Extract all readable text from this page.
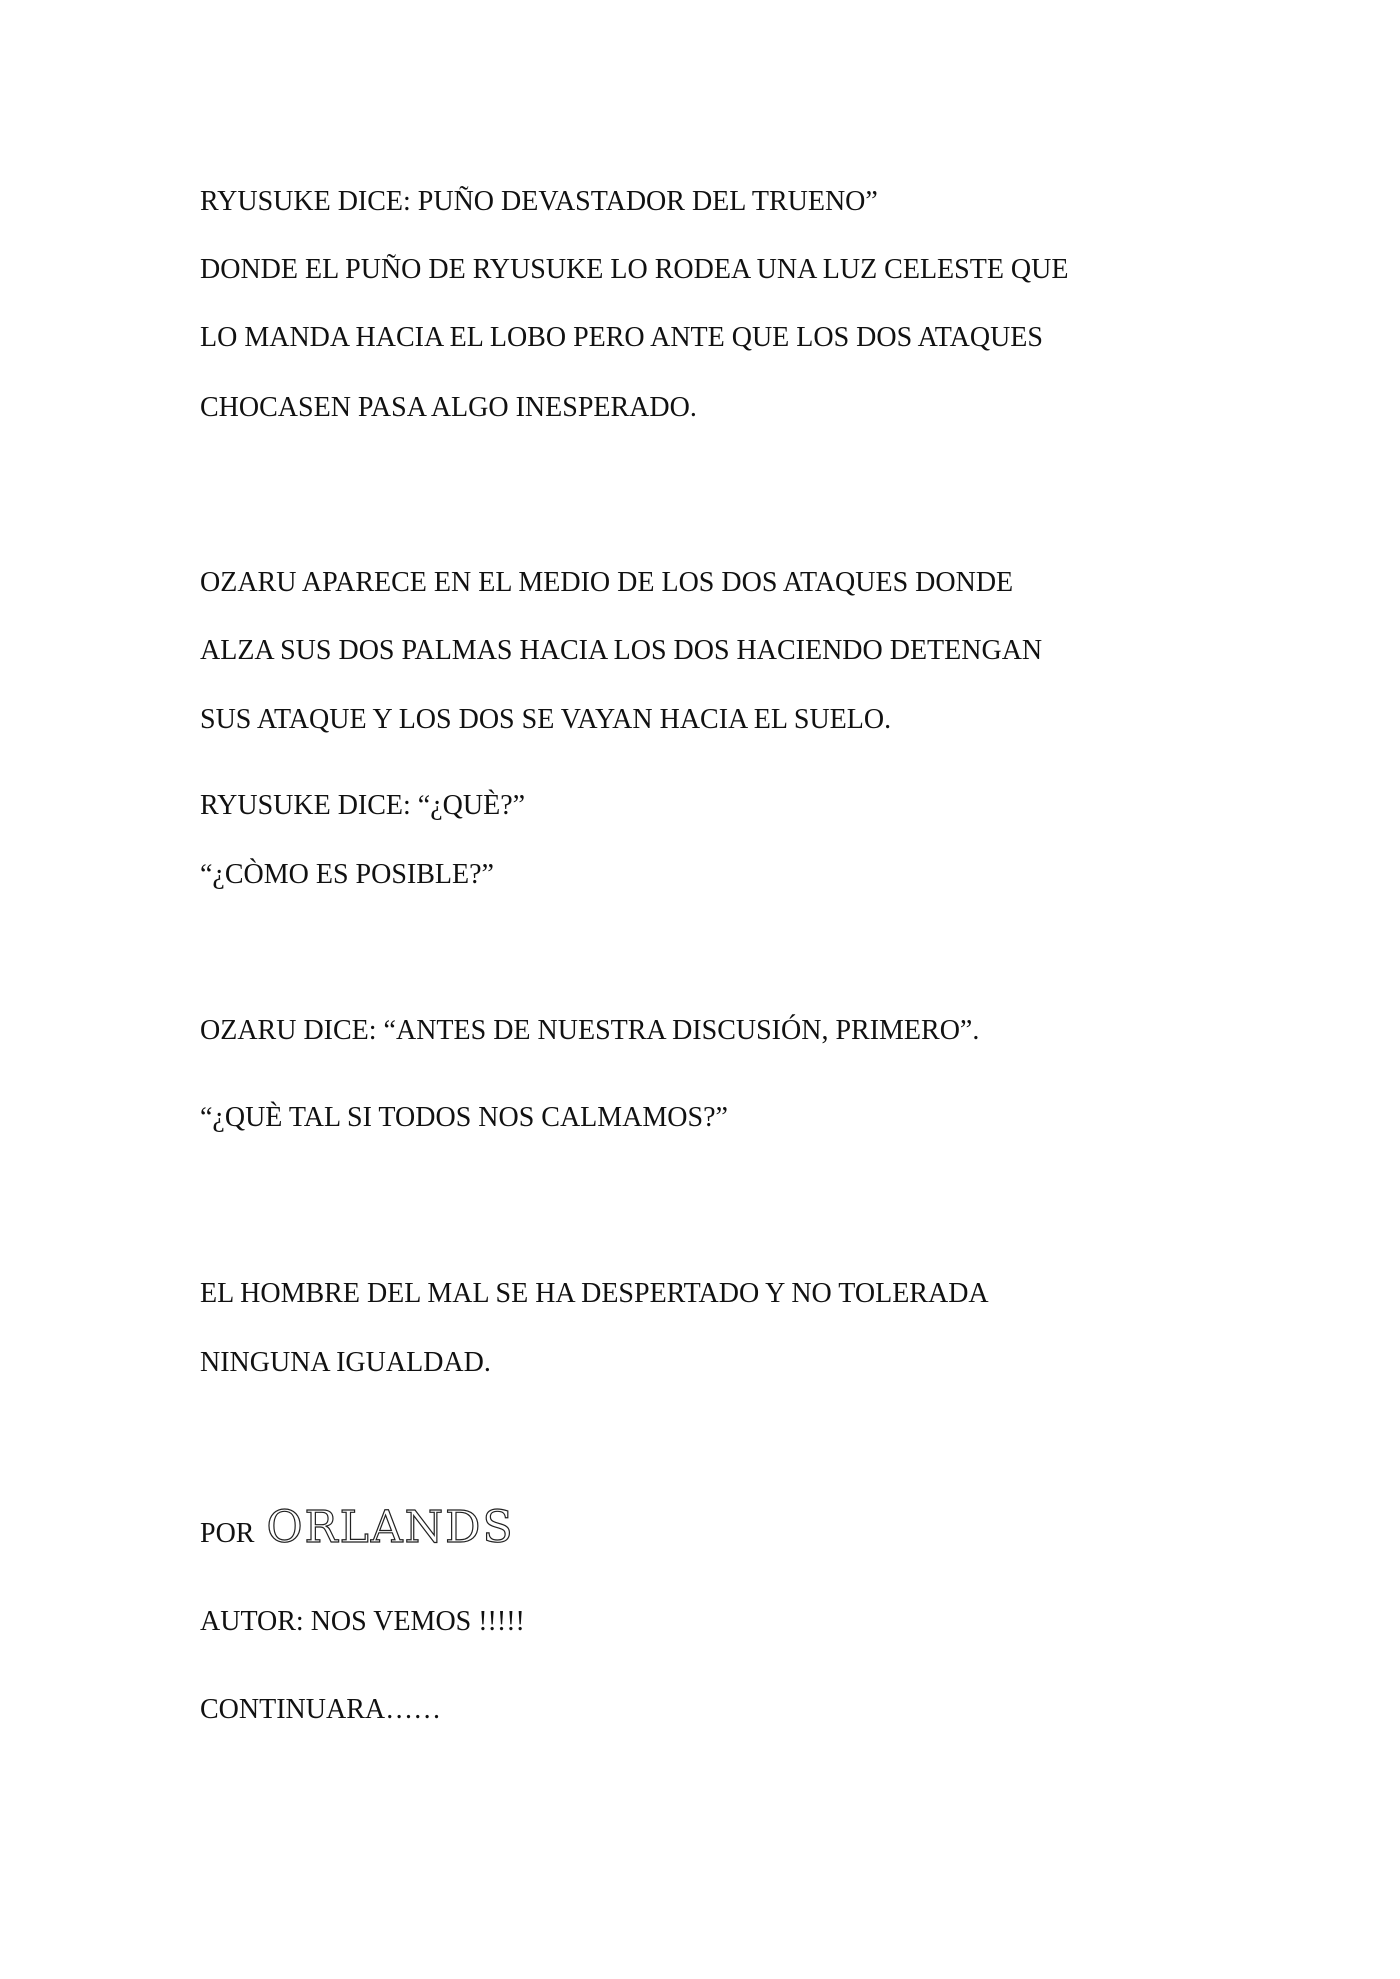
RYUSUKE DICE: PUÑO DEVASTADOR DEL TRUENO”
DONDE EL PUÑO DE RYUSUKE LO RODEA UNA LUZ CELESTE QUE
LO MANDA HACIA EL LOBO PERO ANTE QUE LOS DOS ATAQUES
CHOCASEN PASA ALGO INESPERADO.
OZARU APARECE EN EL MEDIO DE LOS DOS ATAQUES DONDE
ALZA SUS DOS PALMAS HACIA LOS DOS HACIENDO DETENGAN
SUS ATAQUE Y LOS DOS SE VAYAN HACIA EL SUELO.
RYUSUKE DICE: “¿QUÈ?”
“¿CÒMO ES POSIBLE?”
OZARU DICE: “ANTES DE NUESTRA DISCUSIÓN, PRIMERO”.
“¿QUÈ TAL SI TODOS NOS CALMAMOS?”
EL HOMBRE DEL MAL SE HA DESPERTADO Y NO TOLERADA
NINGUNA IGUALDAD.
POR ORLANDS
AUTOR: NOS VEMOS !!!!!
CONTINUARA……
